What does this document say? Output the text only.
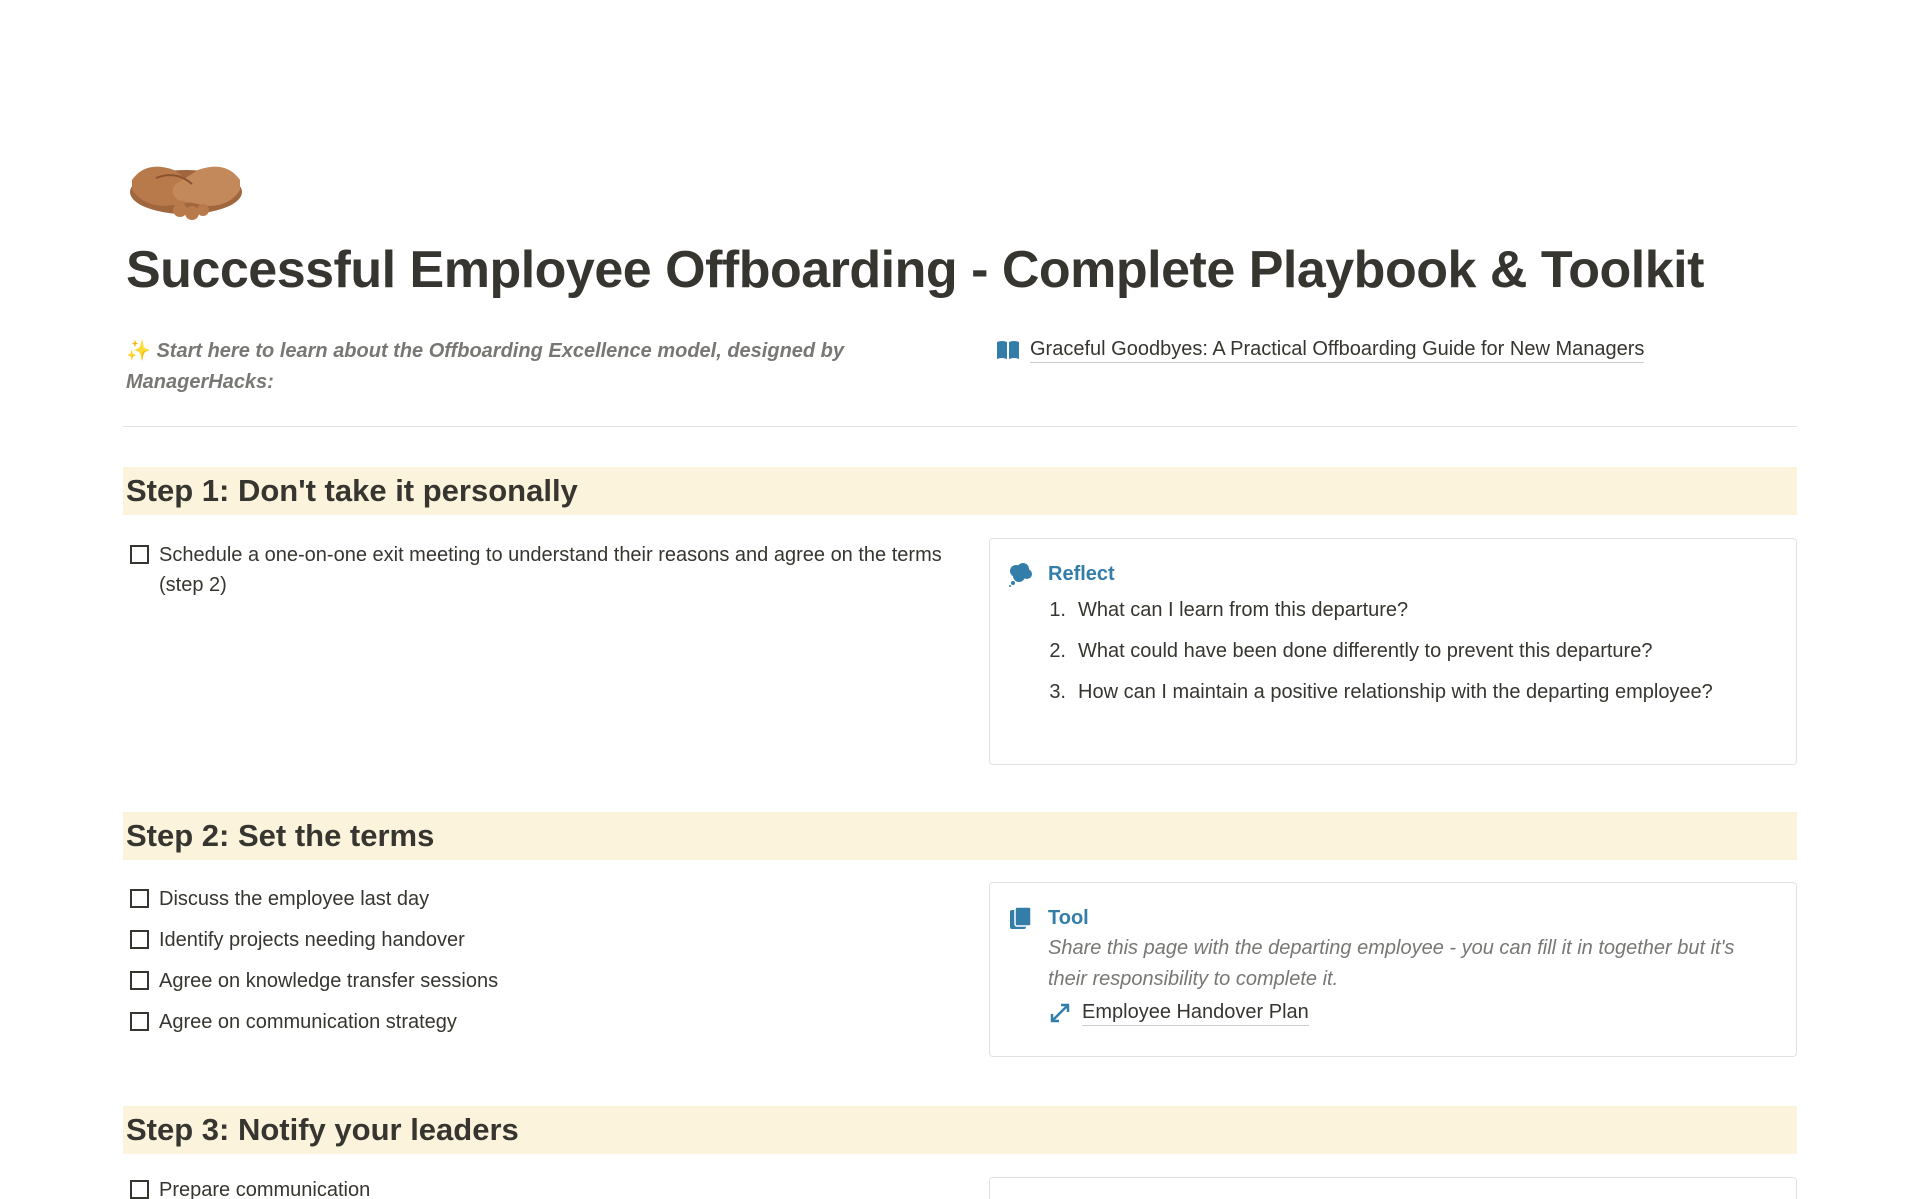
Successful Employee Offboarding - Complete Playbook & Toolkit
✨ Start here to learn about the Offboarding Excellence model, designed by ManagerHacks:
Graceful Goodbyes: A Practical Offboarding Guide for New Managers
Step 1: Don't take it personally
Schedule a one-on-one exit meeting to understand their reasons and agree on the terms (step 2)	Reflect
1. What can I learn from this departure?
2. What could have been done differently to prevent this departure?
3. How can I maintain a positive relationship with the departing employee?
Step 2: Set the terms
Discuss the employee last day
Identify projects needing handover
Agree on knowledge transfer sessions
Agree on communication strategy
Tool
Share this page with the departing employee - you can fill it in together but it's their responsibility to complete it.
Employee Handover Plan
Step 3: Notify your leaders
Prepare communication
